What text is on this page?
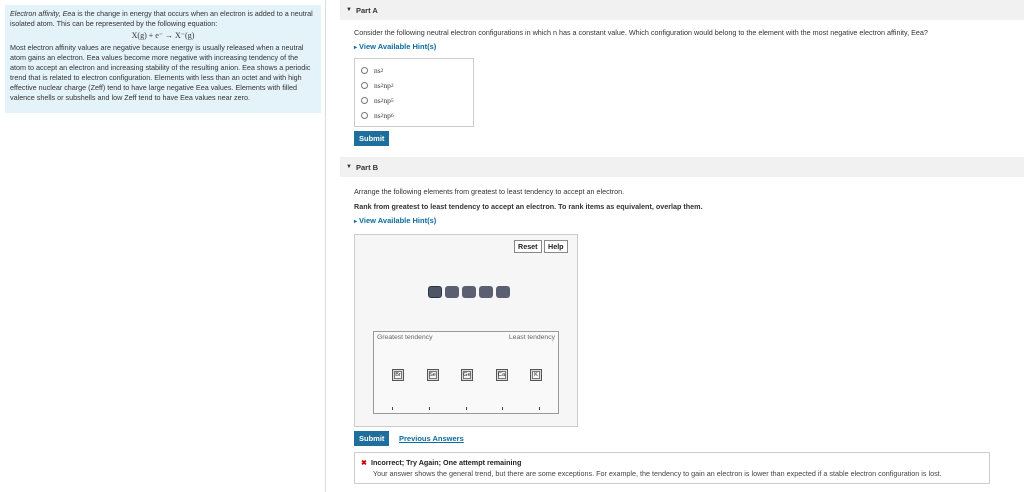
Electron affinity, Eea is the change in energy that occurs when an electron is added to a neutral isolated atom. This can be represented by the following equation:

X(g) + e⁻ → X⁻(g)

Most electron affinity values are negative because energy is usually released when a neutral atom gains an electron. Eea values become more negative with increasing tendency of the atom to accept an electron and increasing stability of the resulting anion. Eea shows a periodic trend that is related to electron configuration. Elements with less than an octet and with high effective nuclear charge (Zeff) tend to have large negative Eea values. Elements with filled valence shells or subshells and low Zeff tend to have Eea values near zero.

▼ Part A
Consider the following neutral electron configurations in which n has a constant value. Which configuration would belong to the element with the most negative electron affinity, Eea?
▸ View Available Hint(s)
ns 2
ns 2 np 2
ns 2 np 5
ns 2 np 6
Submit
▼ Part B
Arrange the following elements from greatest to least tendency to accept an electron.
Rank from greatest to least tendency to accept an electron. To rank items as equivalent, overlap them.
▸ View Available Hint(s)
Reset	Help
Greatest tendency	Least tendency
Br	Se	Ge	Ca	K
Submit	Previous Answers
✖ Incorrect; Try Again; One attempt remaining
Your answer shows the general trend, but there are some exceptions. For example, the tendency to gain an electron is lower than expected if a stable electron configuration is lost.
